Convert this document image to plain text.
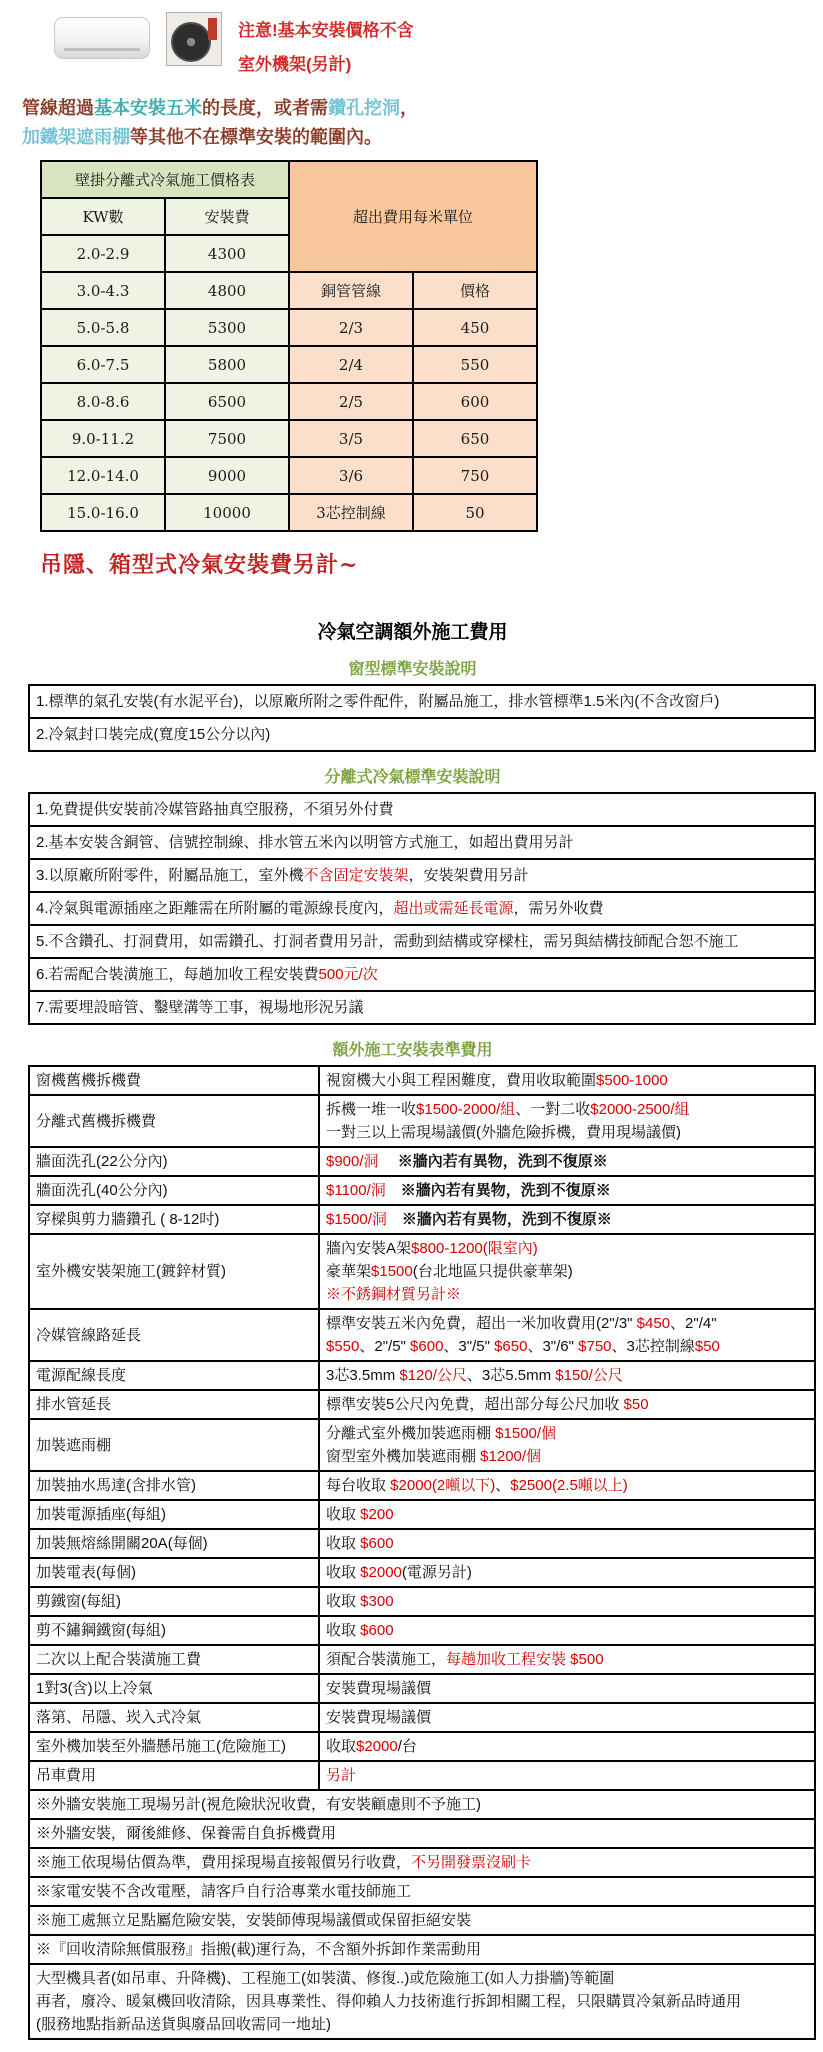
注意!基本安裝價格不含
室外機架(另計)
管線超過基本安裝五米的長度，或者需鑽孔挖洞，
加鐵架遮雨棚等其他不在標準安裝的範圍內。
壁掛分離式冷氣施工價格表		超出費用每米單位	
KW數	安裝費		
2.0-2.9	4300		
3.0-4.3	4800	銅管管線	價格
5.0-5.8	5300	2/3	450
6.0-7.5	5800	2/4	550
8.0-8.6	6500	2/5	600
9.0-11.2	7500	3/5	650
12.0-14.0	9000	3/6	750
15.0-16.0	10000	3芯控制線	50
吊隱、箱型式冷氣安裝費另計~
冷氣空調額外施工費用
窗型標準安裝說明
1.標準的氣孔安裝(有水泥平台)，以原廠所附之零件配件，附屬品施工，排水管標準1.5米內(不含改窗戶)
2.冷氣封口裝完成(寬度15公分以內)
分離式冷氣標準安裝說明
1.免費提供安裝前冷媒管路抽真空服務，不須另外付費
2.基本安裝含銅管、信號控制線、排水管五米內以明管方式施工，如超出費用另計
3.以原廠所附零件，附屬品施工，室外機不含固定安裝架，安裝架費用另計
4.冷氣與電源插座之距離需在所附屬的電源線長度內，超出或需延長電源，需另外收費
5.不含鑽孔、打洞費用，如需鑽孔、打洞者費用另計，需動到結構或穿樑柱，需另與結構技師配合恕不施工
6.若需配合裝潢施工，每趟加收工程安裝費500元/次
7.需要埋設暗管、鑿壁溝等工事，視場地形況另議
額外施工安裝表準費用
窗機舊機拆機費	視窗機大小與工程困難度，費用收取範圍$500-1000

分離式舊機拆機費	拆機一堆一收$1500-2000/組、一對二收$2000-2500/組
一對三以上需現場議價(外牆危險拆機，費用現場議價)

牆面洗孔(22公分內)	$900/洞　 ※牆內若有異物，洗到不復原※

牆面洗孔(40公分內)	$1100/洞　 ※牆內若有異物，洗到不復原※

穿樑與剪力牆鑽孔 ( 8-12吋)	$1500/洞　 ※牆內若有異物，洗到不復原※

室外機安裝架施工(鍍鋅材質)	牆內安裝A架$800-1200(限室內)
豪華架$1500(台北地區只提供豪華架)
※不銹鋼材質另計※

冷媒管線路延長	標準安裝五米內免費，超出一米加收費用(2"/3" $450、2"/4"
$550、2"/5" $600、3"/5" $650、3"/6" $750、3芯控制線$50

電源配線長度	3芯3.5mm $120/公尺、3芯5.5mm $150/公尺

排水管延長	標準安裝5公尺內免費，超出部分每公尺加收 $50

加裝遮雨棚	分離式室外機加裝遮雨棚 $1500/個
窗型室外機加裝遮雨棚 $1200/個

加裝抽水馬達(含排水管)	每台收取 $2000(2噸以下)、$2500(2.5噸以上)

加裝電源插座(每組)	收取 $200

加裝無熔絲開關20A(每個)	收取 $600

加裝電表(每個)	收取 $2000(電源另計)

剪鐵窗(每組)	收取 $300

剪不鏽鋼鐵窗(每組)	收取 $600

二次以上配合裝潢施工費	須配合裝潢施工，每趟加收工程安裝 $500

1對3(含)以上冷氣	安裝費現場議價

落第、吊隱、崁入式冷氣	安裝費現場議價

室外機加裝至外牆懸吊施工(危險施工)	收取$2000/台

吊車費用	另計

※外牆安裝施工現場另計(視危險狀況收費，有安裝顧慮則不予施工)	
※外牆安裝，爾後維修、保養需自負拆機費用	
※施工依現場估價為準，費用採現場直接報價另行收費，不另開發票沒刷卡	
※家電安裝不含改電壓，請客戶自行洽專業水電技師施工	
※施工處無立足點屬危險安裝，安裝師傅現場議價或保留拒絕安裝	
※『回收清除無償服務』指搬(載)運行為，不含額外拆卸作業需動用	

大型機具者(如吊車、升降機)、工程施工(如裝潢、修復..)或危險施工(如人力掛牆)等範圍
再者，廢冷、暖氣機回收清除，因具專業性、得仰賴人力技術進行拆卸相關工程，只限購買冷氣新品時通用
(服務地點指新品送貨與廢品回收需同一地址)	
